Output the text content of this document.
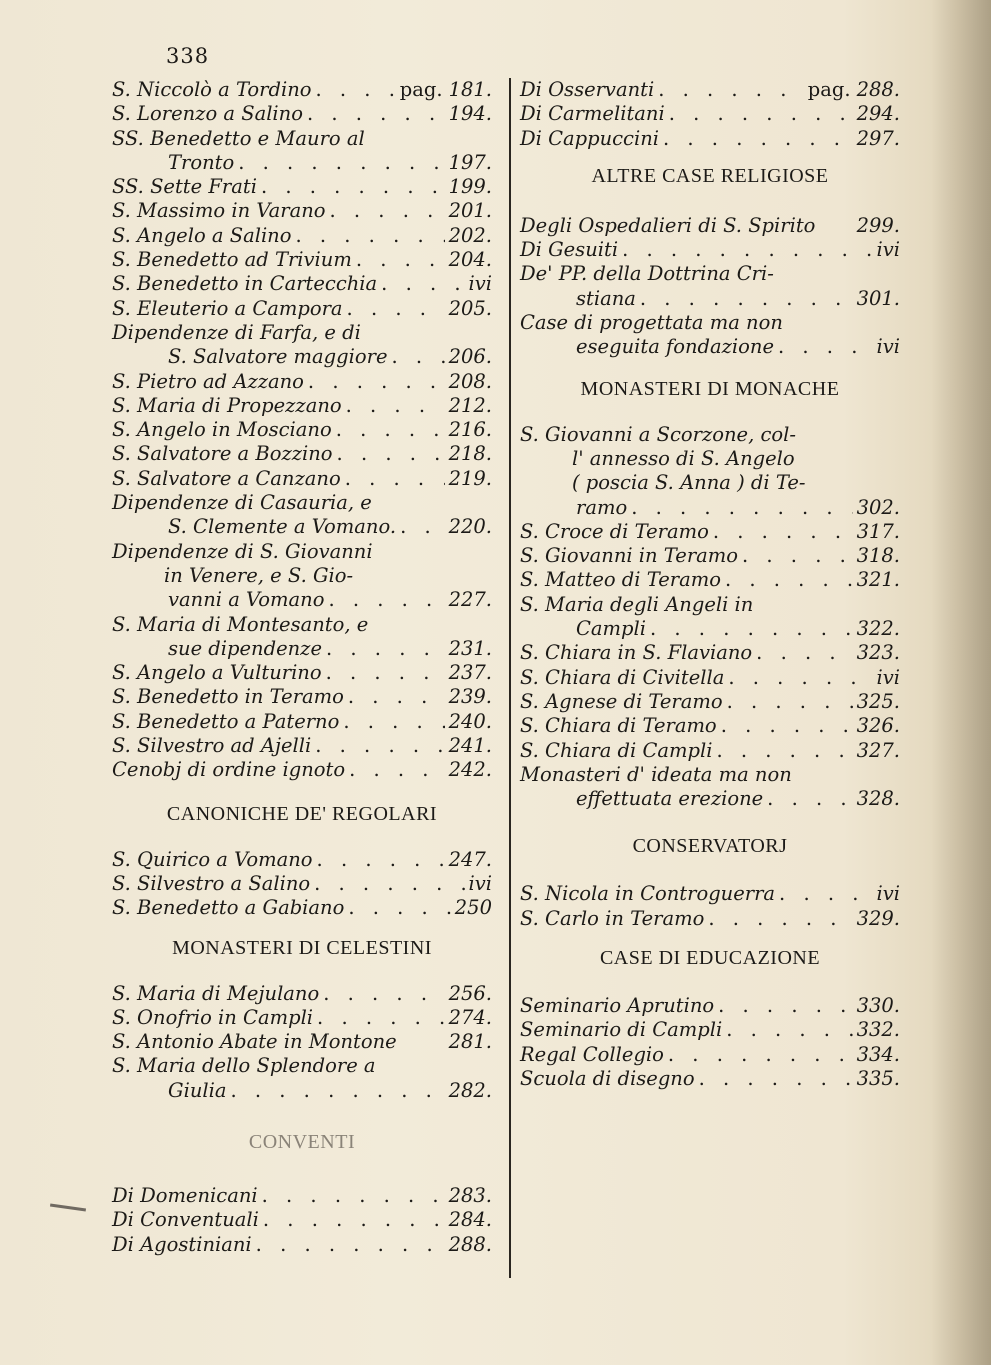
338
S. Niccolò a Tordino . . .	pag. 181.
S. Lorenzo a Salino . . .	194.
SS. Benedetto e Mauro al
Tronto . . .	197.
SS. Sette Frati . . .	199.
S. Massimo in Varano . . .	201.
S. Angelo a Salino . . .	202.
S. Benedetto ad Trivium . . .	204.
S. Benedetto in Cartecchia . . .	ivi
S. Eleuterio a Campora . . .	205.
Dipendenze di Farfa, e di
S. Salvatore maggiore . . .	206.
S. Pietro ad Azzano . . .	208.
S. Maria di Propezzano . . .	212.
S. Angelo in Mosciano . . .	216.
S. Salvatore a Bozzino . . .	218.
S. Salvatore a Canzano . . .	219.
Dipendenze di Casauria, e
S. Clemente a Vomano. . . .	220.
Dipendenze di S. Giovanni
in Venere, e S. Gio-
vanni a Vomano . . .	227.
S. Maria di Montesanto, e
sue dipendenze . . .	231.
S. Angelo a Vulturino . . .	237.
S. Benedetto in Teramo . . .	239.
S. Benedetto a Paterno . . .	240.
S. Silvestro ad Ajelli . . .	241.
Cenobj di ordine ignoto . . .	242.

CANONICHE DE' REGOLARI

S. Quirico a Vomano . . .	247.
S. Silvestro a Salino . . .	ivi
S. Benedetto a Gabiano . . .	250

MONASTERI DI CELESTINI

S. Maria di Mejulano . . .	256.
S. Onofrio in Campli . . .	274.
S. Antonio Abate in Montone	281.
S. Maria dello Splendore a
Giulia . . .	282.

CONVENTI

Di Domenicani . . .	283.
Di Conventuali . . .	284.
Di Agostiniani . . .	288.
Di Osservanti . . .	pag. 288.
Di Carmelitani . . .	294.
Di Cappuccini . . .	297.

ALTRE CASE RELIGIOSE

Degli Ospedalieri di S. Spirito 299.
Di Gesuiti . . .	ivi
De' PP. della Dottrina Cri-
stiana . . .	301.
Case di progettata ma non
eseguita fondazione . . .	ivi

MONASTERI DI MONACHE

S. Giovanni a Scorzone, col-
l' annesso di S. Angelo
( poscia S. Anna ) di Te-
ramo . . .	302.
S. Croce di Teramo . . .	317.
S. Giovanni in Teramo . . .	318.
S. Matteo di Teramo . . .	321.
S. Maria degli Angeli in
Campli . . .	322.
S. Chiara in S. Flaviano . . .	323.
S. Chiara di Civitella . . .	ivi
S. Agnese di Teramo . . .	325.
S. Chiara di Teramo . . .	326.
S. Chiara di Campli . . .	327.
Monasteri d' ideata ma non
effettuata erezione . . .	328.

CONSERVATORJ

S. Nicola in Controguerra . . .	ivi
S. Carlo in Teramo . . .	329.

CASE DI EDUCAZIONE

Seminario Aprutino . . .	330.
Seminario di Campli . . .	332.
Regal Collegio . . .	334.
Scuola di disegno . . .	335.
